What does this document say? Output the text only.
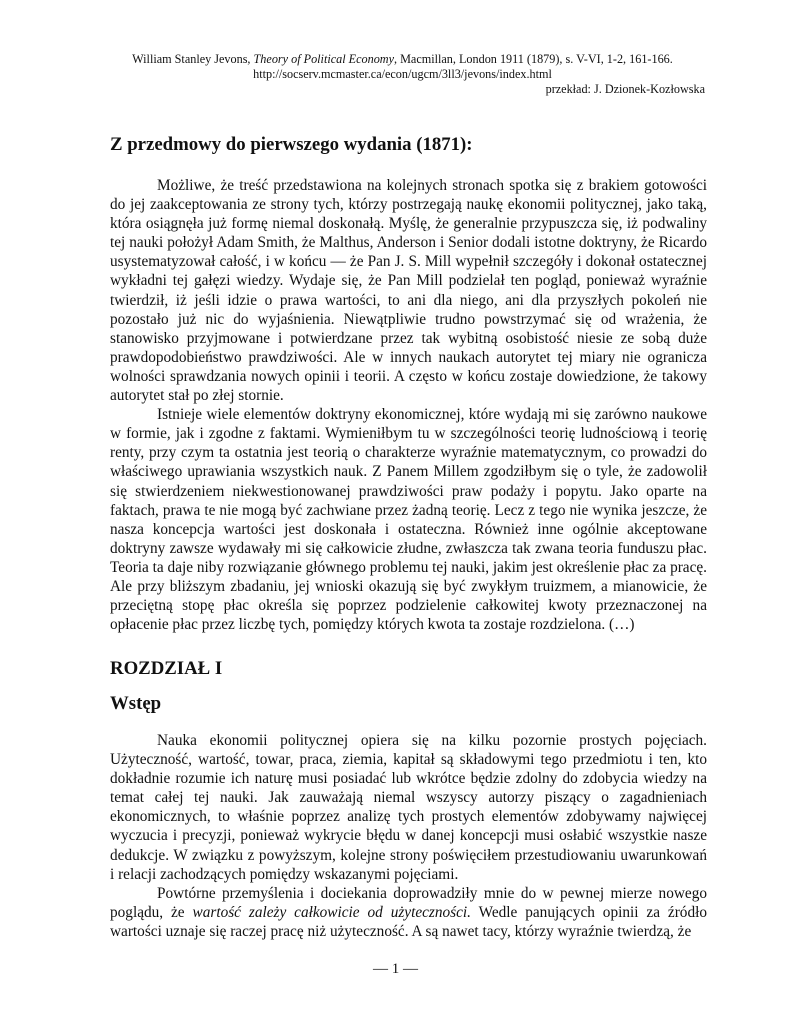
William Stanley Jevons, Theory of Political Economy, Macmillan, London 1911 (1879), s. V-VI, 1-2, 161-166.
http://socserv.mcmaster.ca/econ/ugcm/3ll3/jevons/index.html
przekład: J. Dzionek-Kozłowska
Z przedmowy do pierwszego wydania (1871):

Możliwe, że treść przedstawiona na kolejnych stronach spotka się z brakiem gotowości do jej zaakceptowania ze strony tych, którzy postrzegają naukę ekonomii politycznej, jako taką, która osiągnęła już formę niemal doskonałą. Myślę, że generalnie przypuszcza się, iż podwaliny tej nauki położył Adam Smith, że Malthus, Anderson i Senior dodali istotne doktryny, że Ricardo usystematyzował całość, i w końcu — że Pan J. S. Mill wypełnił szczegóły i dokonał ostatecznej wykładni tej gałęzi wiedzy. Wydaje się, że Pan Mill podzielał ten pogląd, ponieważ wyraźnie twierdził, iż jeśli idzie o prawa wartości, to ani dla niego, ani dla przyszłych pokoleń nie pozostało już nic do wyjaśnienia. Niewątpliwie trudno powstrzymać się od wrażenia, że stanowisko przyjmowane i potwierdzane przez tak wybitną osobistość niesie ze sobą duże prawdopodobieństwo prawdziwości. Ale w innych naukach autorytet tej miary nie ogranicza wolności sprawdzania nowych opinii i teorii. A często w końcu zostaje dowiedzione, że takowy autorytet stał po złej stornie.

Istnieje wiele elementów doktryny ekonomicznej, które wydają mi się zarówno naukowe w formie, jak i zgodne z faktami. Wymieniłbym tu w szczególności teorię ludnościową i teorię renty, przy czym ta ostatnia jest teorią o charakterze wyraźnie matematycznym, co prowadzi do właściwego uprawiania wszystkich nauk. Z Panem Millem zgodziłbym się o tyle, że zadowolił się stwierdzeniem niekwestionowanej prawdziwości praw podaży i popytu. Jako oparte na faktach, prawa te nie mogą być zachwiane przez żadną teorię. Lecz z tego nie wynika jeszcze, że nasza koncepcja wartości jest doskonała i ostateczna. Również inne ogólnie akceptowane doktryny zawsze wydawały mi się całkowicie złudne, zwłaszcza tak zwana teoria funduszu płac. Teoria ta daje niby rozwiązanie głównego problemu tej nauki, jakim jest określenie płac za pracę. Ale przy bliższym zbadaniu, jej wnioski okazują się być zwykłym truizmem, a mianowicie, że przeciętną stopę płac określa się poprzez podzielenie całkowitej kwoty przeznaczonej na opłacenie płac przez liczbę tych, pomiędzy których kwota ta zostaje rozdzielona. (…)

ROZDZIAŁ I
Wstęp

Nauka ekonomii politycznej opiera się na kilku pozornie prostych pojęciach. Użyteczność, wartość, towar, praca, ziemia, kapitał są składowymi tego przedmiotu i ten, kto dokładnie rozumie ich naturę musi posiadać lub wkrótce będzie zdolny do zdobycia wiedzy na temat całej tej nauki. Jak zauważają niemal wszyscy autorzy piszący o zagadnieniach ekonomicznych, to właśnie poprzez analizę tych prostych elementów zdobywamy najwięcej wyczucia i precyzji, ponieważ wykrycie błędu w danej koncepcji musi osłabić wszystkie nasze dedukcje. W związku z powyższym, kolejne strony poświęciłem przestudiowaniu uwarunkowań i relacji zachodzących pomiędzy wskazanymi pojęciami.

Powtórne przemyślenia i dociekania doprowadziły mnie do w pewnej mierze nowego poglądu, że wartość zależy całkowicie od użyteczności. Wedle panujących opinii za źródło wartości uznaje się raczej pracę niż użyteczność. A są nawet tacy, którzy wyraźnie twierdzą, że

— 1 —
